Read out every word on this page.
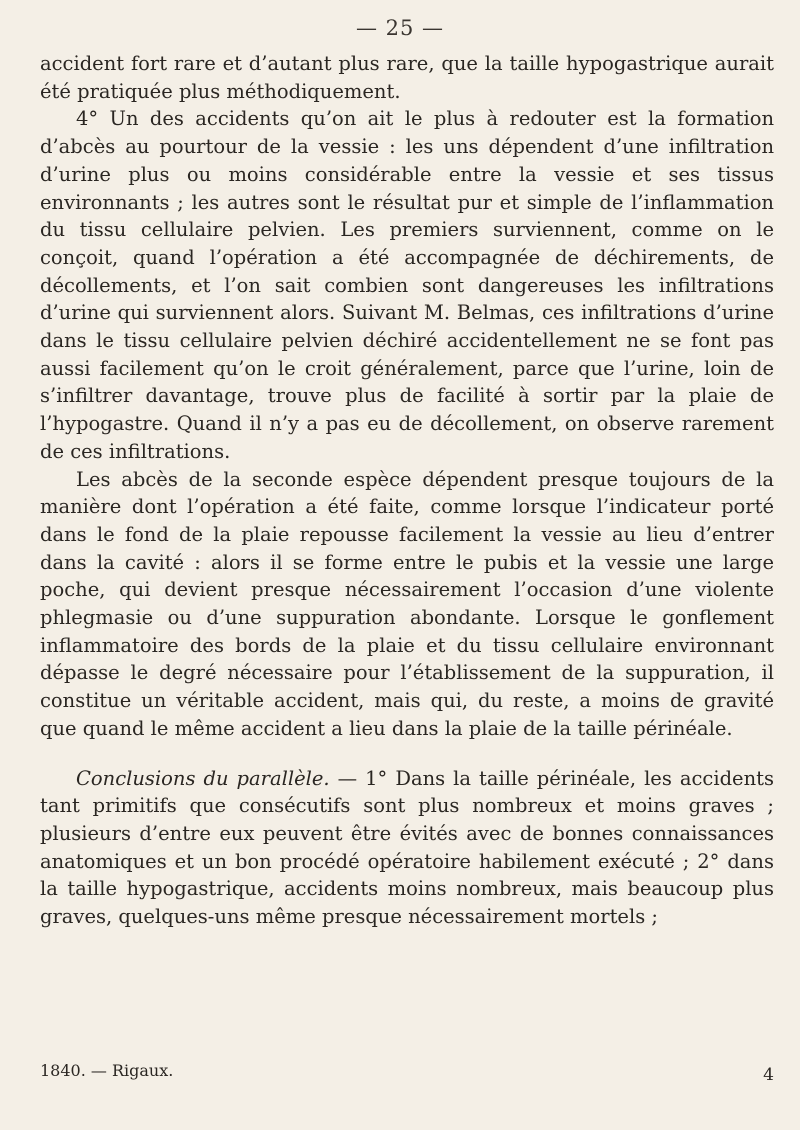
— 25 —

accident fort rare et d’autant plus rare, que la taille hypogastrique aurait été pratiquée plus méthodiquement.

4° Un des accidents qu’on ait le plus à redouter est la formation d’abcès au pourtour de la vessie : les uns dépendent d’une infiltration d’urine plus ou moins considérable entre la vessie et ses tissus environnants ; les autres sont le résultat pur et simple de l’inflammation du tissu cellulaire pelvien. Les premiers surviennent, comme on le conçoit, quand l’opération a été accompagnée de déchirements, de décollements, et l’on sait combien sont dangereuses les infiltrations d’urine qui surviennent alors. Suivant M. Belmas, ces infiltrations d’urine dans le tissu cellulaire pelvien déchiré accidentellement ne se font pas aussi facilement qu’on le croit généralement, parce que l’urine, loin de s’infiltrer davantage, trouve plus de facilité à sortir par la plaie de l’hypogastre. Quand il n’y a pas eu de décollement, on observe rarement de ces infiltrations.

Les abcès de la seconde espèce dépendent presque toujours de la manière dont l’opération a été faite, comme lorsque l’indicateur porté dans le fond de la plaie repousse facilement la vessie au lieu d’entrer dans la cavité : alors il se forme entre le pubis et la vessie une large poche, qui devient presque nécessairement l’occasion d’une violente phlegmasie ou d’une suppuration abondante. Lorsque le gonflement inflammatoire des bords de la plaie et du tissu cellulaire environnant dépasse le degré nécessaire pour l’établissement de la suppuration, il constitue un véritable accident, mais qui, du reste, a moins de gravité que quand le même accident a lieu dans la plaie de la taille périnéale.

Conclusions du parallèle. — 1° Dans la taille périnéale, les accidents tant primitifs que consécutifs sont plus nombreux et moins graves ; plusieurs d’entre eux peuvent être évités avec de bonnes connaissances anatomiques et un bon procédé opératoire habilement exécuté ; 2° dans la taille hypogastrique, accidents moins nombreux, mais beaucoup plus graves, quelques-uns même presque nécessairement mortels ;

1840. — Rigaux.	4
